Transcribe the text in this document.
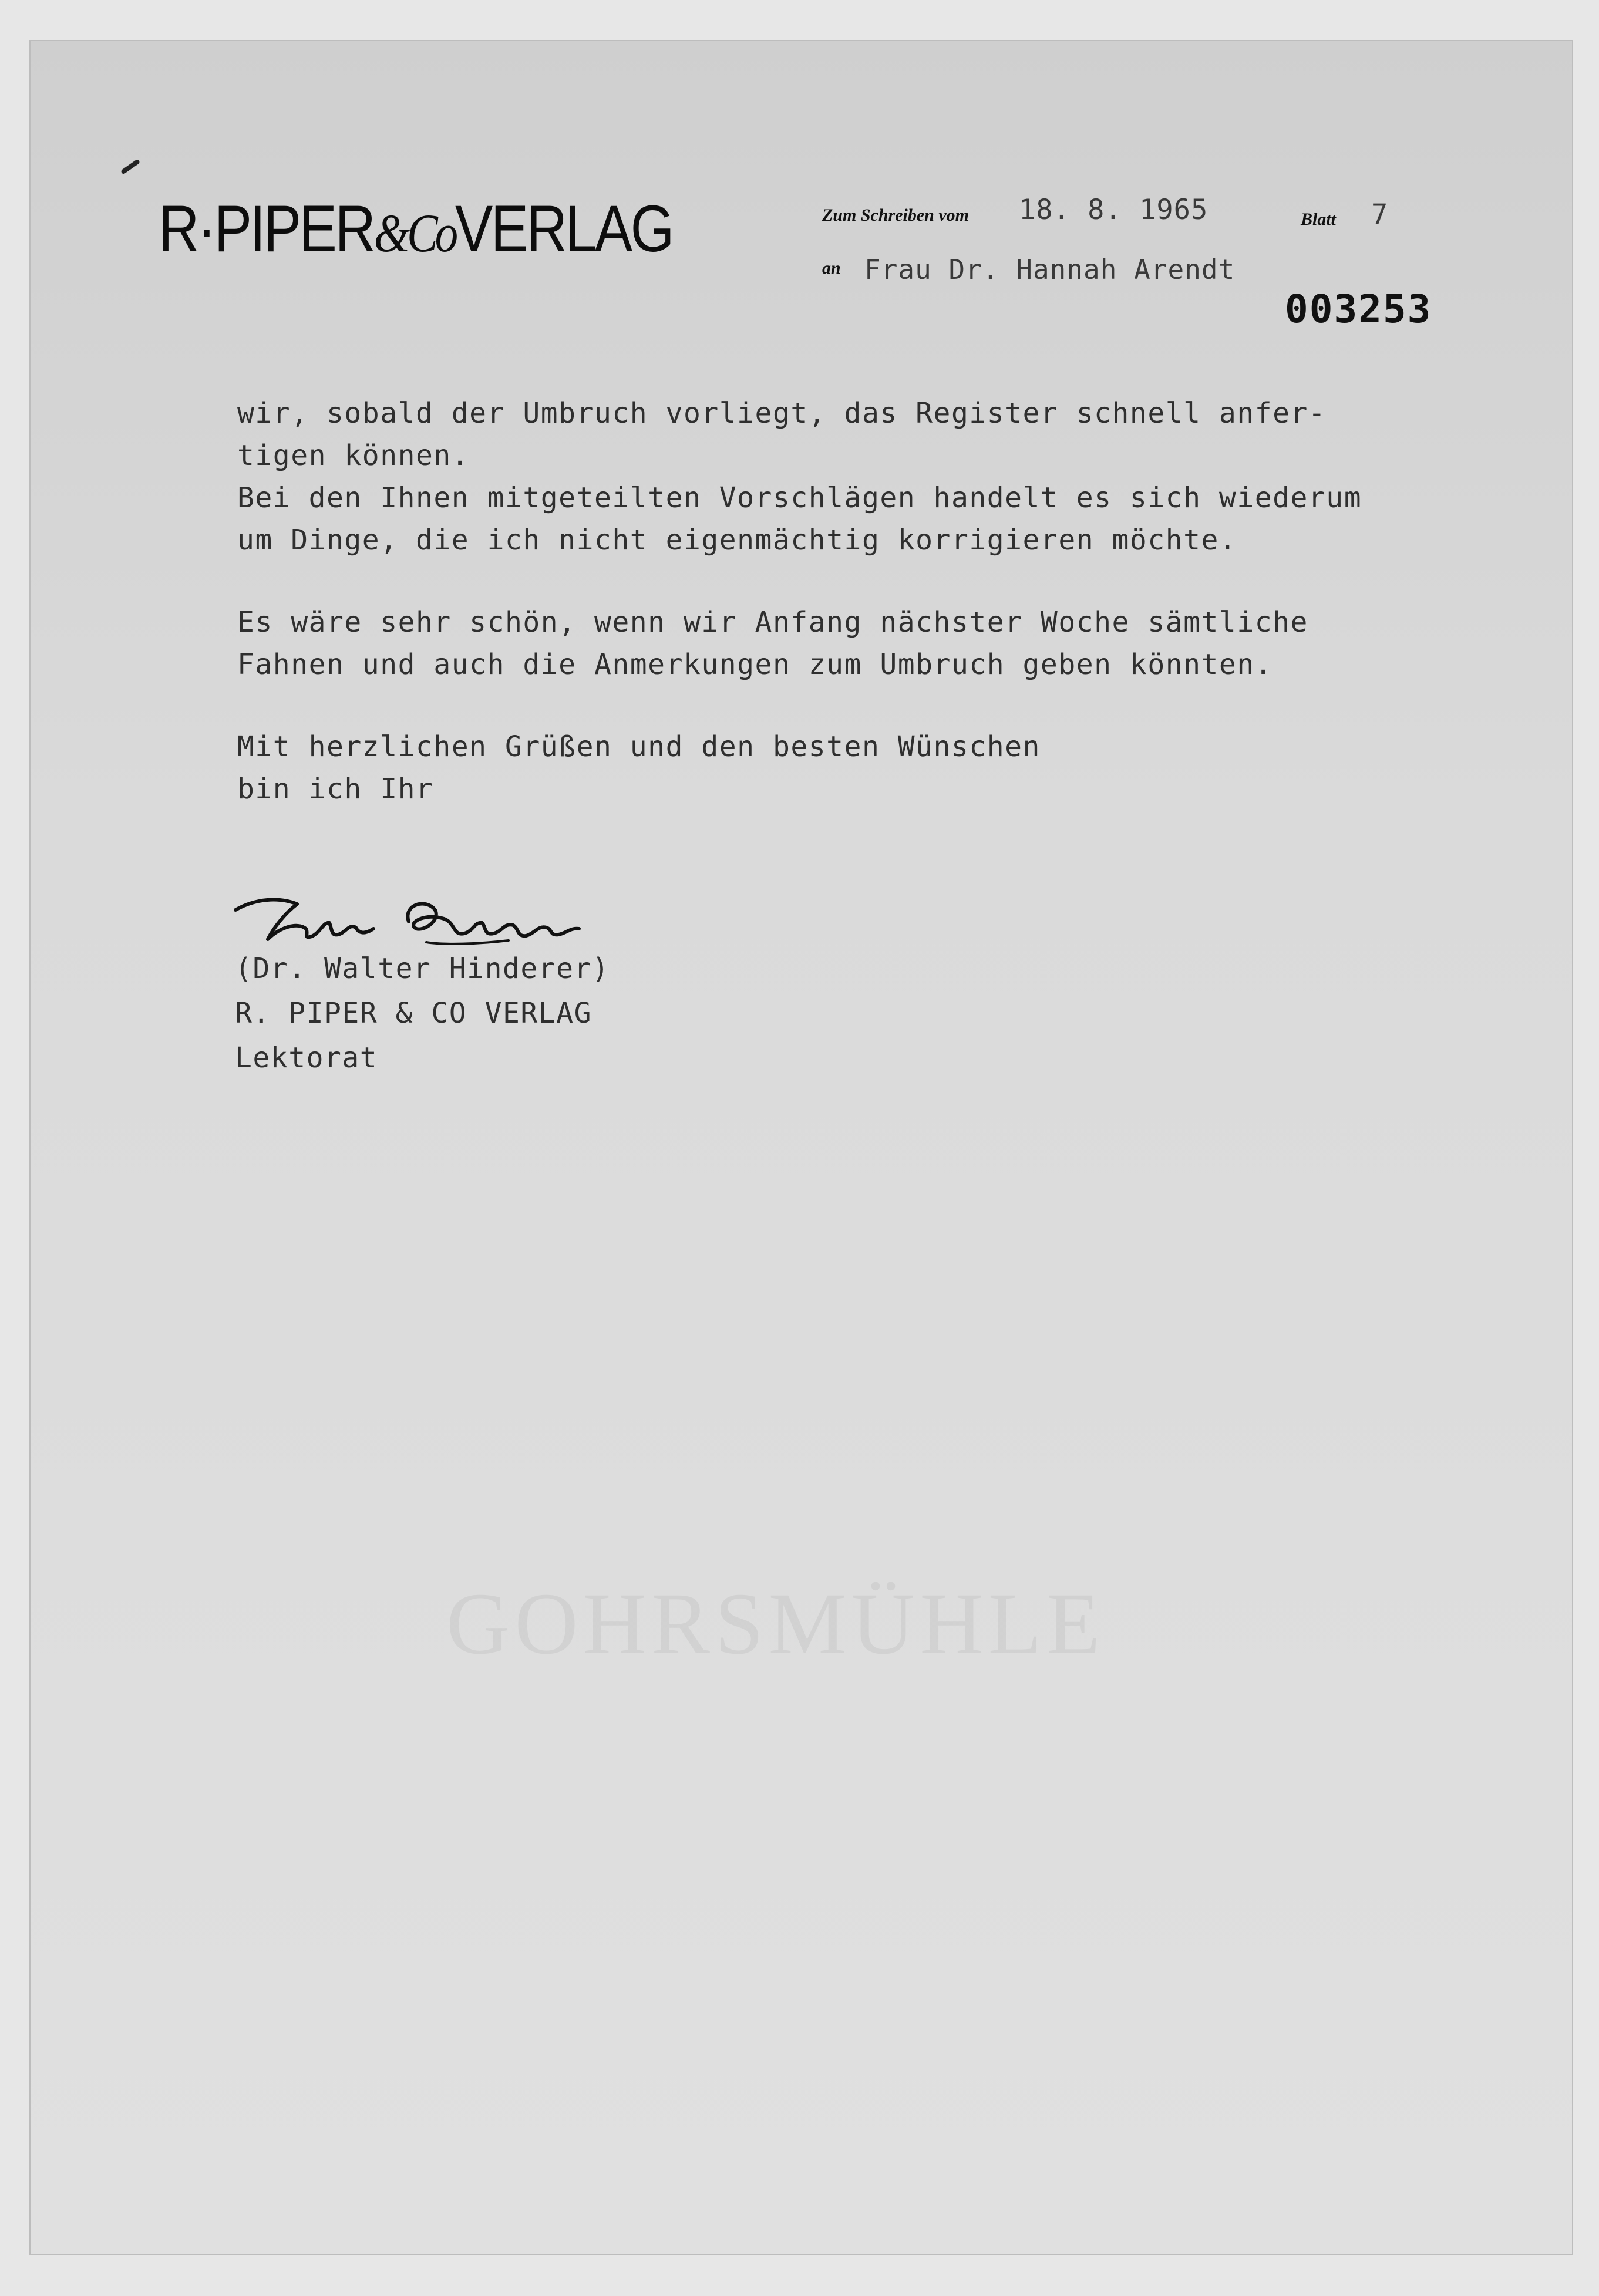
R·PIPER&CoVERLAG	Zum Schreiben vom 18. 8. 1965	Blatt 7
an Frau Dr. Hannah Arendt
003253

wir, sobald der Umbruch vorliegt, das Register schnell anfer-

tigen können.

Bei den Ihnen mitgeteilten Vorschlägen handelt es sich wiederum

um Dinge, die ich nicht eigenmächtig korrigieren möchte.

Es wäre sehr schön, wenn wir Anfang nächster Woche sämtliche

Fahnen und auch die Anmerkungen zum Umbruch geben könnten.

Mit herzlichen Grüßen und den besten Wünschen

bin ich Ihr

(Dr. Walter Hinderer)

R. PIPER & CO VERLAG

Lektorat

GOHRSMÜHLE
